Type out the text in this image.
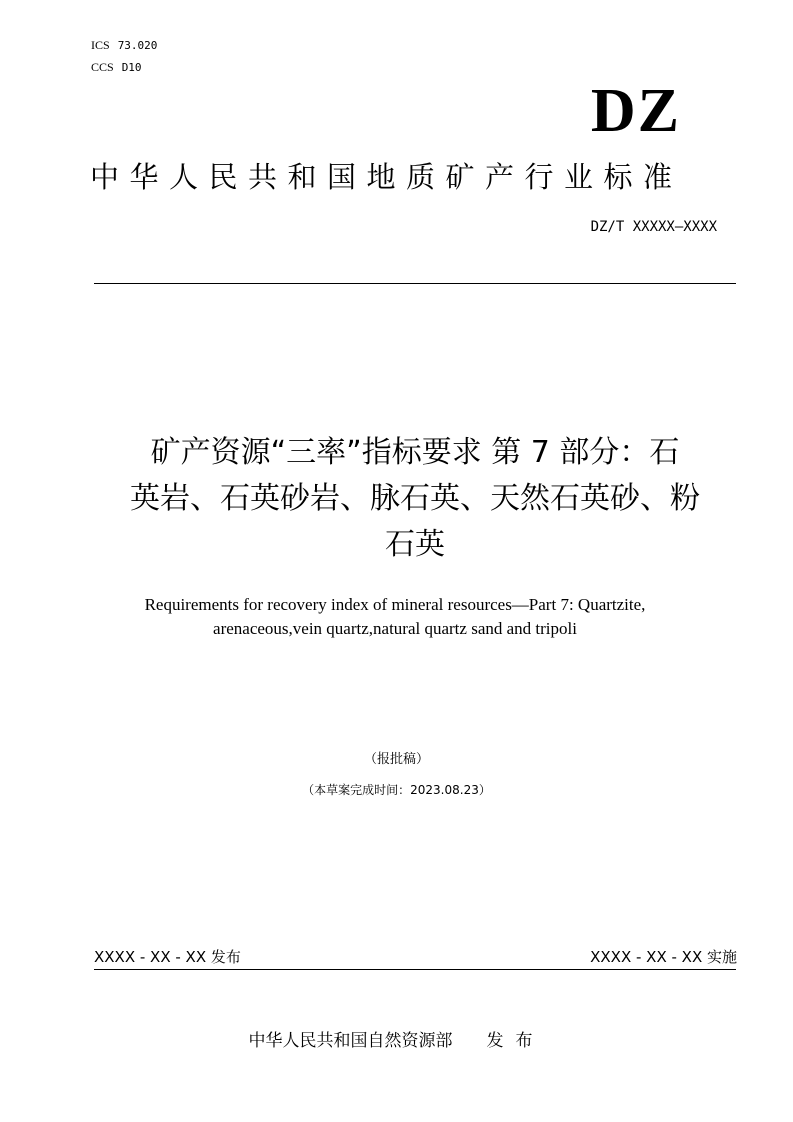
ICS 73.020
CCS D10
DZ
中华人民共和国地质矿产行业标准
DZ/T XXXXX—XXXX
矿产资源“三率”指标要求 第 7 部分：石
英岩、石英砂岩、脉石英、天然石英砂、粉
石英
Requirements for recovery index of mineral resources—Part 7: Quartzite,
arenaceous,vein quartz,natural quartz sand and tripoli
（报批稿）
（本草案完成时间：2023.08.23）
XXXX - XX - XX 发布	XXXX - XX - XX 实施
中华人民共和国自然资源部 发布
